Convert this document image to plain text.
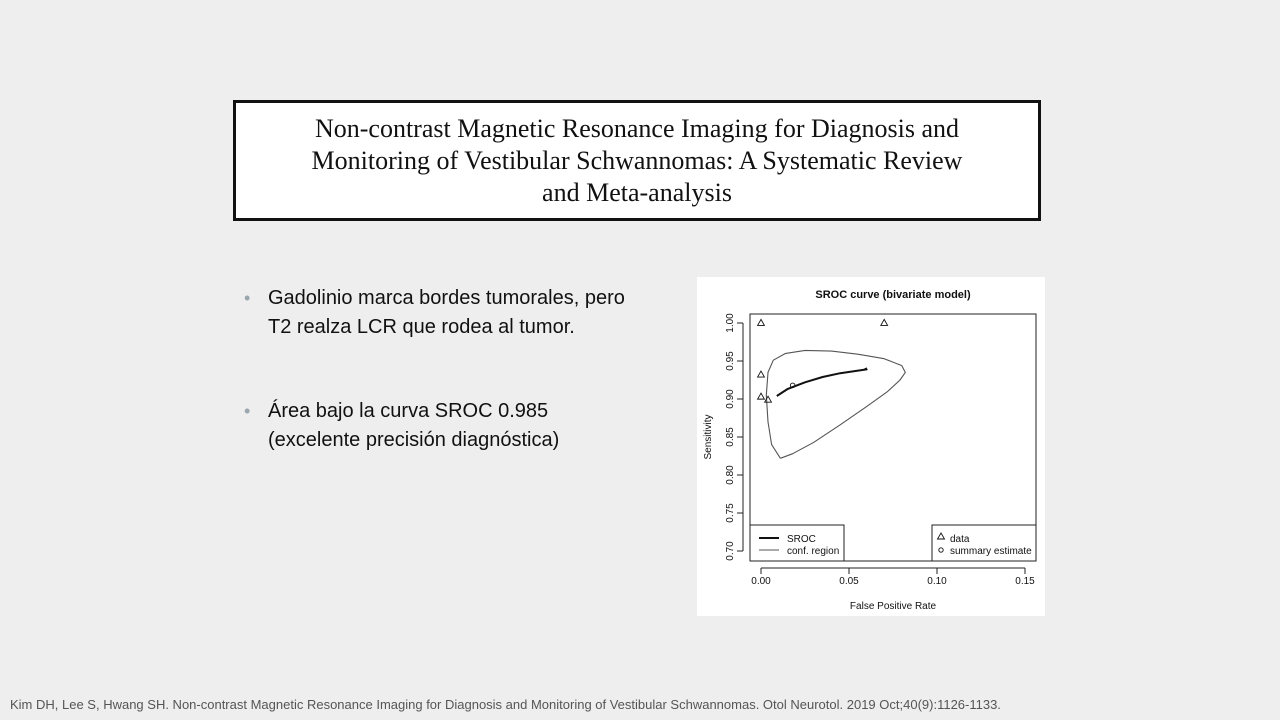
Non-contrast Magnetic Resonance Imaging for Diagnosis and
Monitoring of Vestibular Schwannomas: A Systematic Review
and Meta-analysis
• Gadolinio marca bordes tumorales, pero
T2 realza LCR que rodea al tumor.
• Área bajo la curva SROC 0.985
(excelente precisión diagnóstica)
SROC curve (bivariate model)
0.00	0.05	0.10	0.15
0.70
0.75
0.80
0.85
0.90
0.95
1.00
False Positive Rate
Sensitivity
SROC
conf. region
data
summary estimate
Kim DH, Lee S, Hwang SH. Non-contrast Magnetic Resonance Imaging for Diagnosis and Monitoring of Vestibular Schwannomas. Otol Neurotol. 2019 Oct;40(9):1126-1133.
